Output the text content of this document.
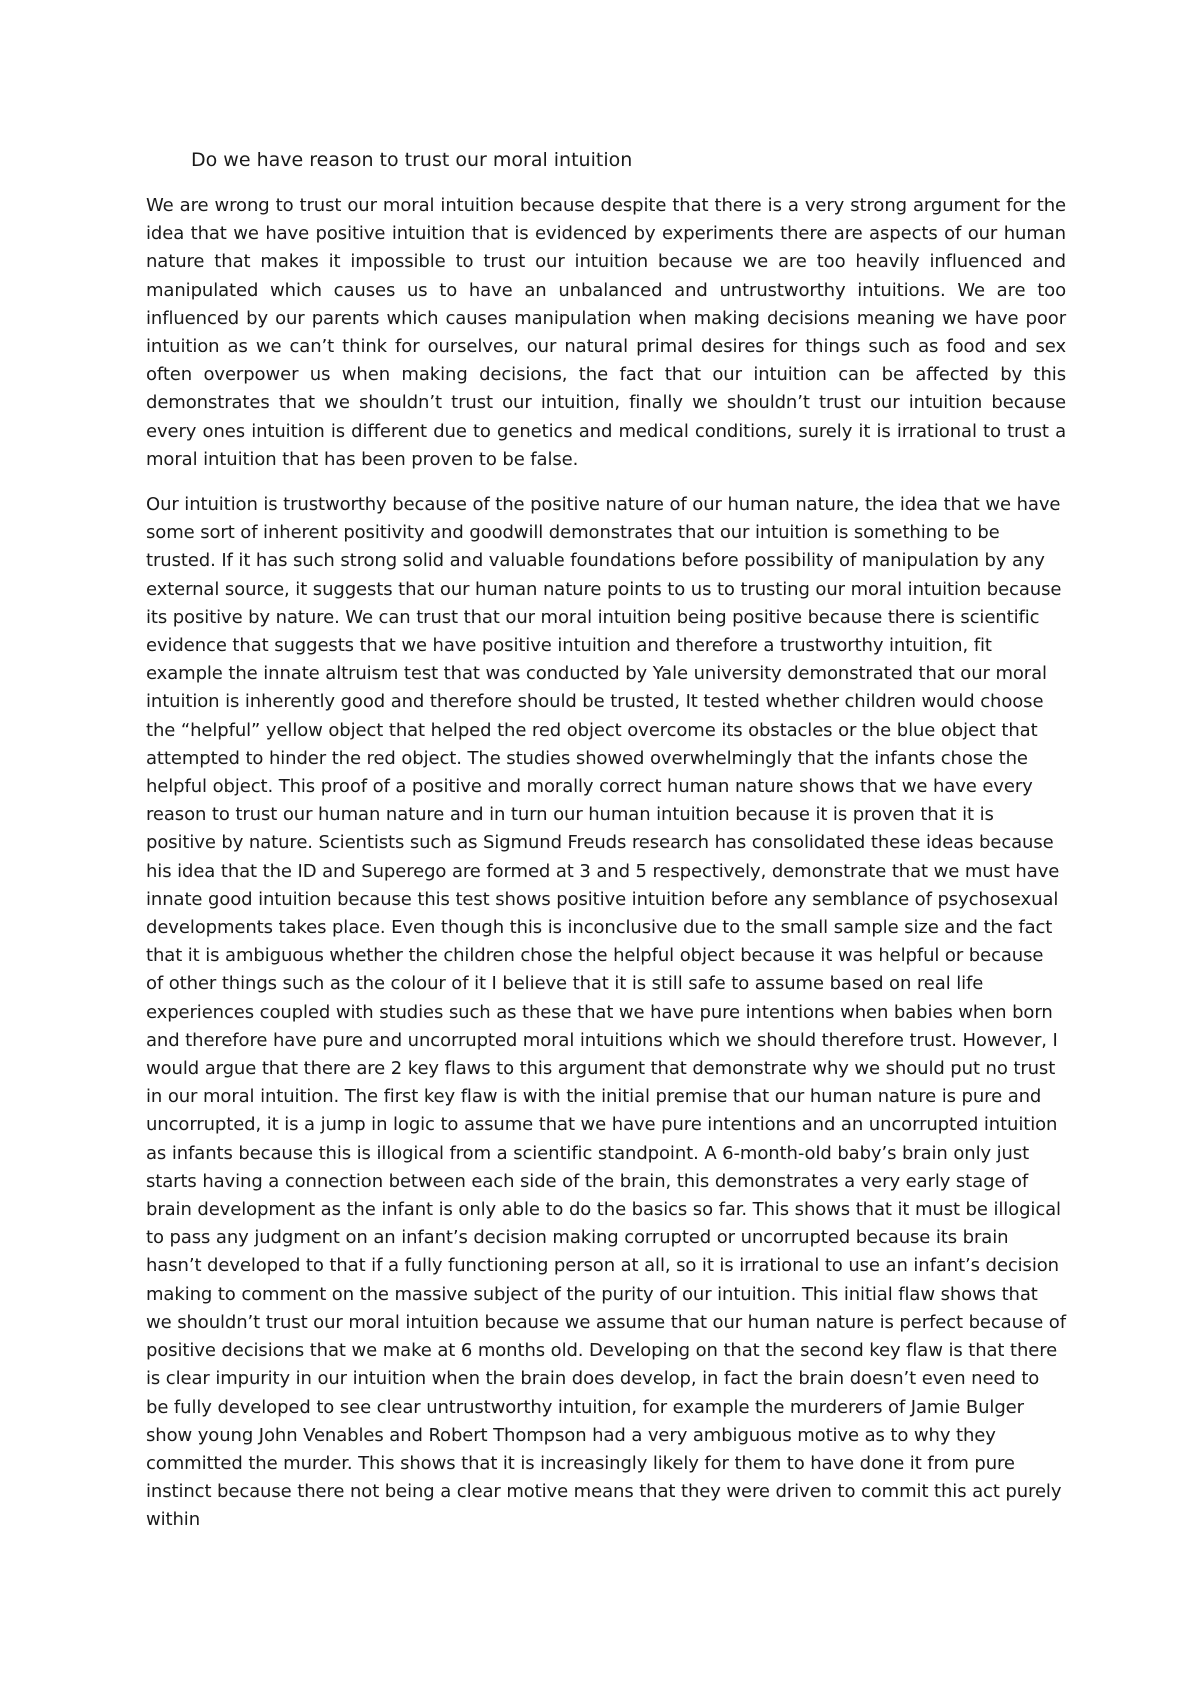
Do we have reason to trust our moral intuition

We are wrong to trust our moral intuition because despite that there is a very strong argument for the idea that we have positive intuition that is evidenced by experiments there are aspects of our human nature that makes it impossible to trust our intuition because we are too heavily influenced and manipulated which causes us to have an unbalanced and untrustworthy intuitions. We are too influenced by our parents which causes manipulation when making decisions meaning we have poor intuition as we can’t think for ourselves, our natural primal desires for things such as food and sex often overpower us when making decisions, the fact that our intuition can be affected by this demonstrates that we shouldn’t trust our intuition, finally we shouldn’t trust our intuition because every ones intuition is different due to genetics and medical conditions, surely it is irrational to trust a moral intuition that has been proven to be false.

Our intuition is trustworthy because of the positive nature of our human nature, the idea that we have some sort of inherent positivity and goodwill demonstrates that our intuition is something to be trusted. If it has such strong solid and valuable foundations before possibility of manipulation by any external source, it suggests that our human nature points to us to trusting our moral intuition because its positive by nature. We can trust that our moral intuition being positive because there is scientific evidence that suggests that we have positive intuition and therefore a trustworthy intuition, fit example the innate altruism test that was conducted by Yale university demonstrated that our moral intuition is inherently good and therefore should be trusted, It tested whether children would choose the “helpful” yellow object that helped the red object overcome its obstacles or the blue object that attempted to hinder the red object. The studies showed overwhelmingly that the infants chose the helpful object. This proof of a positive and morally correct human nature shows that we have every reason to trust our human nature and in turn our human intuition because it is proven that it is positive by nature. Scientists such as Sigmund Freuds research has consolidated these ideas because his idea that the ID and Superego are formed at 3 and 5 respectively, demonstrate that we must have innate good intuition because this test shows positive intuition before any semblance of psychosexual developments takes place. Even though this is inconclusive due to the small sample size and the fact that it is ambiguous whether the children chose the helpful object because it was helpful or because of other things such as the colour of it I believe that it is still safe to assume based on real life experiences coupled with studies such as these that we have pure intentions when babies when born and therefore have pure and uncorrupted moral intuitions which we should therefore trust. However, I would argue that there are 2 key flaws to this argument that demonstrate why we should put no trust in our moral intuition. The first key flaw is with the initial premise that our human nature is pure and uncorrupted, it is a jump in logic to assume that we have pure intentions and an uncorrupted intuition as infants because this is illogical from a scientific standpoint. A 6-month-old baby’s brain only just starts having a connection between each side of the brain, this demonstrates a very early stage of brain development as the infant is only able to do the basics so far. This shows that it must be illogical to pass any judgment on an infant’s decision making corrupted or uncorrupted because its brain hasn’t developed to that if a fully functioning person at all, so it is irrational to use an infant’s decision making to comment on the massive subject of the purity of our intuition. This initial flaw shows that we shouldn’t trust our moral intuition because we assume that our human nature is perfect because of positive decisions that we make at 6 months old. Developing on that the second key flaw is that there is clear impurity in our intuition when the brain does develop, in fact the brain doesn’t even need to be fully developed to see clear untrustworthy intuition, for example the murderers of Jamie Bulger show young John Venables and Robert Thompson had a very ambiguous motive as to why they committed the murder. This shows that it is increasingly likely for them to have done it from pure instinct because there not being a clear motive means that they were driven to commit this act purely within
